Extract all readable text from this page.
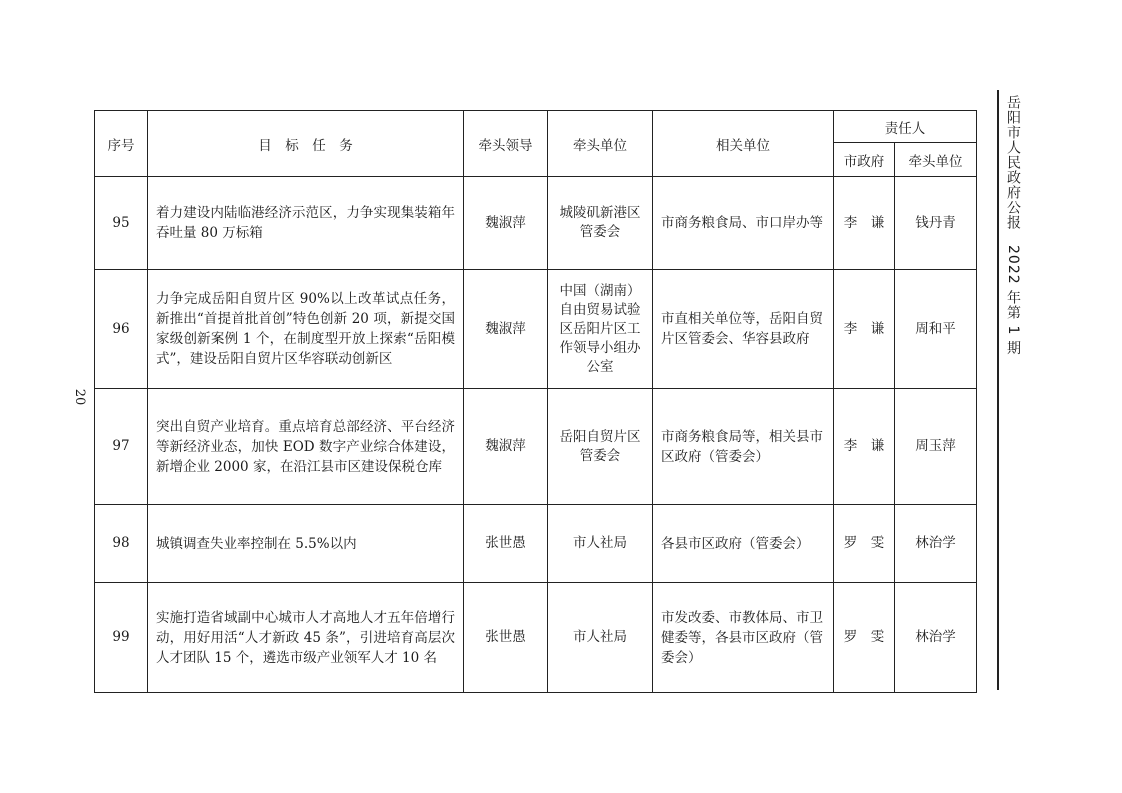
20
序号	目　标　任　务	牵头领导	牵头单位	相关单位	责任人	
					市政府	牵头单位
95	着力建设内陆临港经济示范区，力争实现集装箱年吞吐量 80 万标箱	魏淑萍	城陵矶新港区管委会	市商务粮食局、市口岸办等	李　谦	钱丹青
96	力争完成岳阳自贸片区 90%以上改革试点任务，新推出“首提首批首创”特色创新 20 项，新提交国家级创新案例 1 个，在制度型开放上探索“岳阳模式”，建设岳阳自贸片区华容联动创新区	魏淑萍	中国（湖南）自由贸易试验区岳阳片区工作领导小组办公室	市直相关单位等，岳阳自贸片区管委会、华容县政府	李　谦	周和平
97	突出自贸产业培育。重点培育总部经济、平台经济等新经济业态，加快 EOD 数字产业综合体建设，新增企业 2000 家，在沿江县市区建设保税仓库	魏淑萍	岳阳自贸片区管委会	市商务粮食局等，相关县市区政府（管委会）	李　谦	周玉萍
98	城镇调查失业率控制在 5.5%以内	张世愚	市人社局	各县市区政府（管委会）	罗　雯	林治学
99	实施打造省域副中心城市人才高地人才五年倍增行动，用好用活“人才新政 45 条”，引进培育高层次人才团队 15 个，遴选市级产业领军人才 10 名	张世愚	市人社局	市发改委、市教体局、市卫健委等，各县市区政府（管委会）	罗　雯	林治学
岳阳市人民政府公报　2022 年第 1 期
